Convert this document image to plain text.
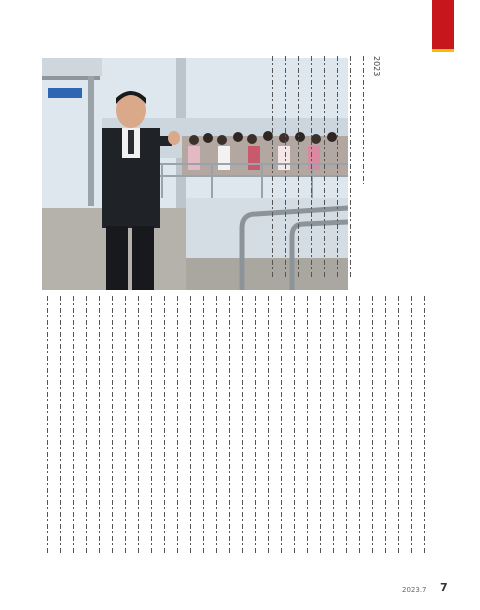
2023
2023.7 7
